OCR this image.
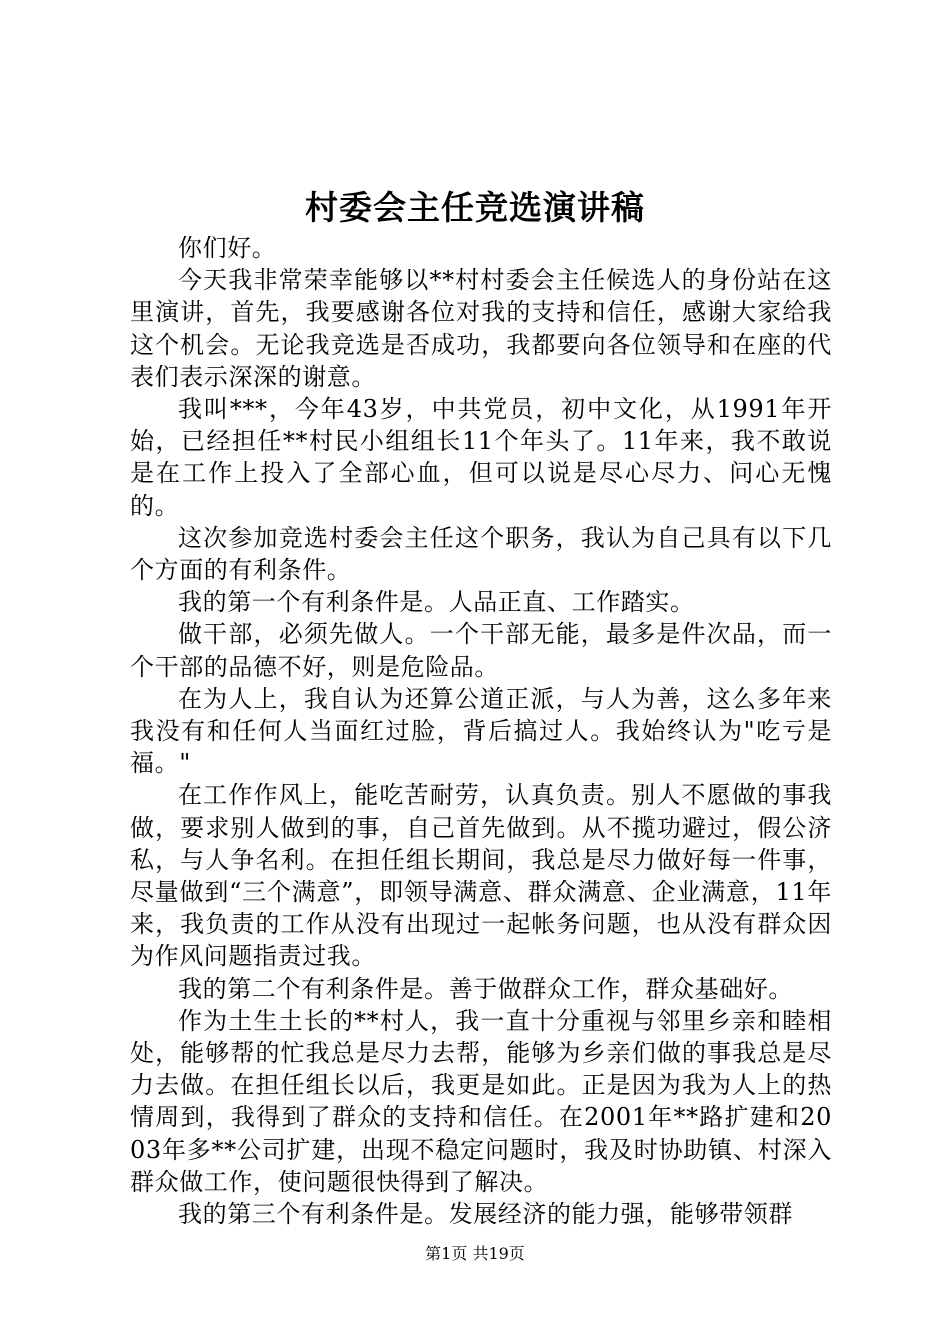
村委会主任竞选演讲稿

你们好。

今天我非常荣幸能够以**村村委会主任候选人的身份站在这里演讲，首先，我要感谢各位对我的支持和信任，感谢大家给我这个机会。无论我竞选是否成功，我都要向各位领导和在座的代表们表示深深的谢意。

我叫***，今年43岁，中共党员，初中文化，从1991年开始，已经担任**村民小组组长11个年头了。11年来，我不敢说是在工作上投入了全部心血，但可以说是尽心尽力、问心无愧的。

这次参加竞选村委会主任这个职务，我认为自己具有以下几个方面的有利条件。

我的第一个有利条件是。人品正直、工作踏实。

做干部，必须先做人。一个干部无能，最多是件次品，而一个干部的品德不好，则是危险品。

在为人上，我自认为还算公道正派，与人为善，这么多年来我没有和任何人当面红过脸，背后搞过人。我始终认为"吃亏是福。"

在工作作风上，能吃苦耐劳，认真负责。别人不愿做的事我做，要求别人做到的事，自己首先做到。从不揽功避过，假公济私，与人争名利。在担任组长期间，我总是尽力做好每一件事，尽量做到“三个满意”，即领导满意、群众满意、企业满意，11年来，我负责的工作从没有出现过一起帐务问题，也从没有群众因为作风问题指责过我。

我的第二个有利条件是。善于做群众工作，群众基础好。

作为土生土长的**村人，我一直十分重视与邻里乡亲和睦相处，能够帮的忙我总是尽力去帮，能够为乡亲们做的事我总是尽力去做。在担任组长以后，我更是如此。正是因为我为人上的热情周到，我得到了群众的支持和信任。在2001年**路扩建和2003年多**公司扩建，出现不稳定问题时，我及时协助镇、村深入群众做工作，使问题很快得到了解决。

我的第三个有利条件是。发展经济的能力强，能够带领群

第1页 共19页
